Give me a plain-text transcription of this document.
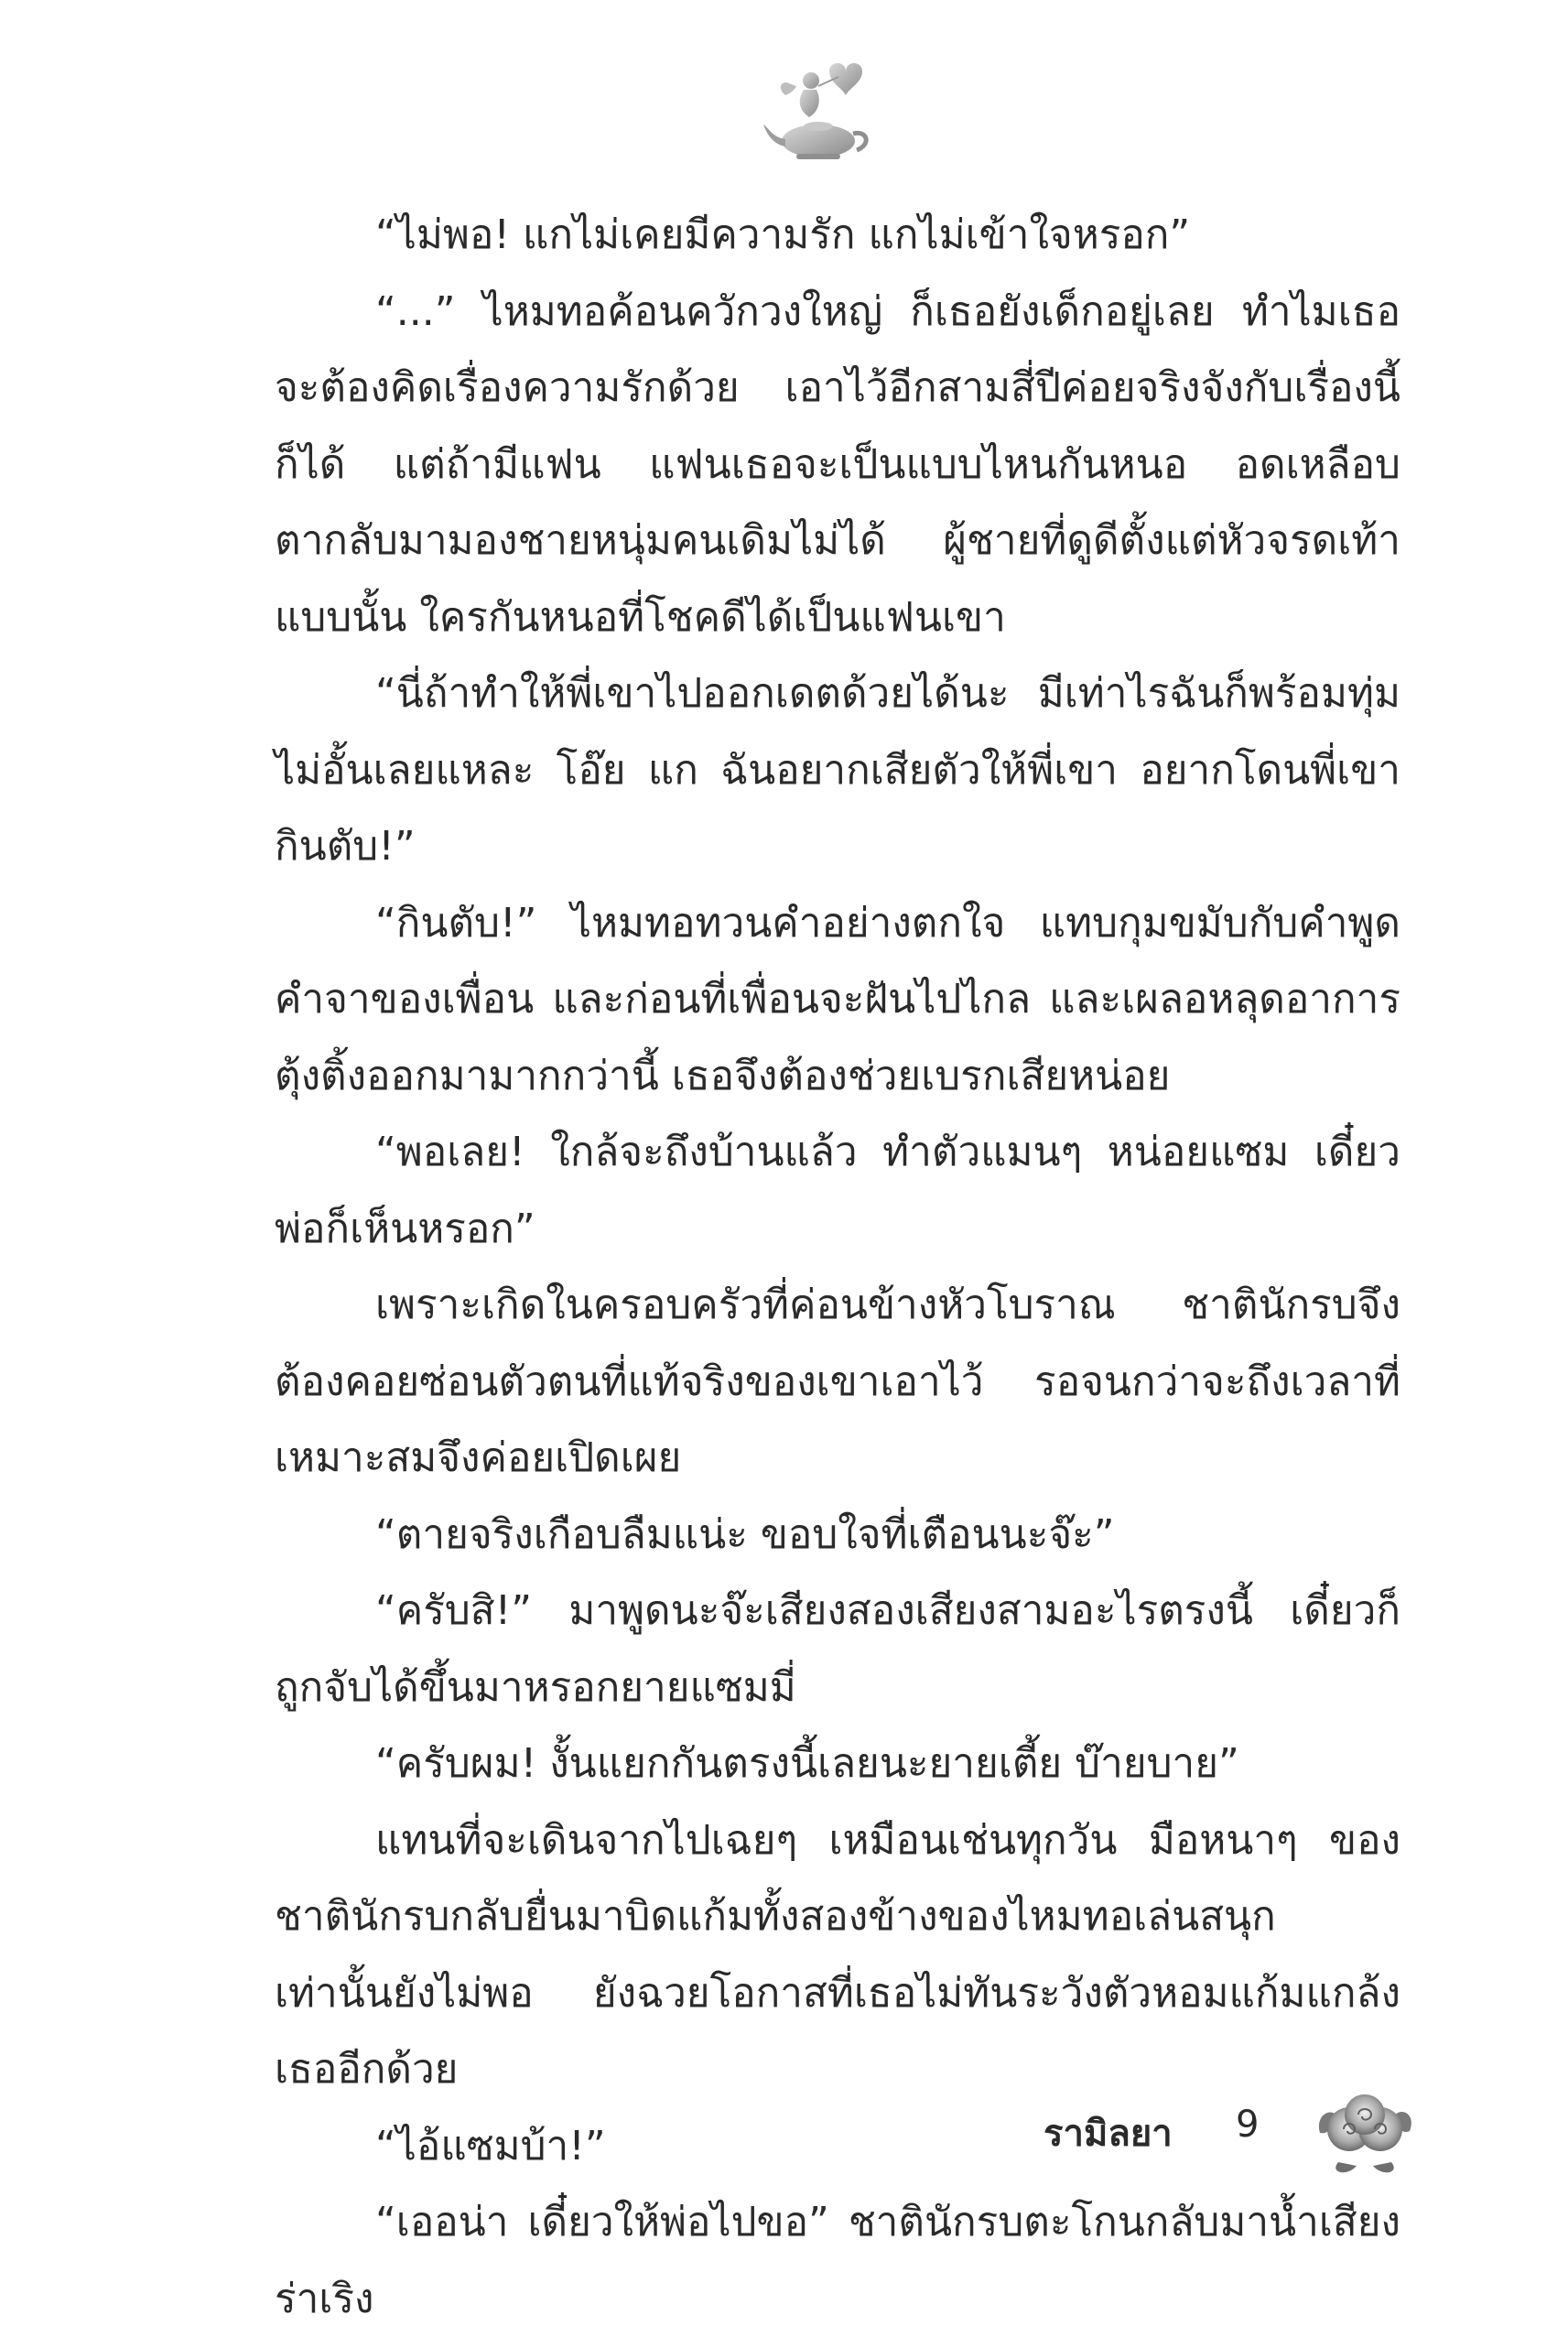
“ไม่พอ! แกไม่เคยมีความรัก แกไม่เข้าใจหรอก”

“...” ไหมทอค้อนควักวงใหญ่ ก็เธอยังเด็กอยู่เลย ทำไมเธอจะต้องคิดเรื่องความรักด้วย เอาไว้อีกสามสี่ปีค่อยจริงจังกับเรื่องนี้ก็ได้ แต่ถ้ามีแฟน แฟนเธอจะเป็นแบบไหนกันหนอ อดเหลือบตากลับมามองชายหนุ่มคนเดิมไม่ได้ ผู้ชายที่ดูดีตั้งแต่หัวจรดเท้าแบบนั้น ใครกันหนอที่โชคดีได้เป็นแฟนเขา

“นี่ถ้าทำให้พี่เขาไปออกเดตด้วยได้นะ มีเท่าไรฉันก็พร้อมทุ่มไม่อั้นเลยแหละ โอ๊ย แก ฉันอยากเสียตัวให้พี่เขา อยากโดนพี่เขากินตับ!”

“กินตับ!” ไหมทอทวนคำอย่างตกใจ แทบกุมขมับกับคำพูดคำจาของเพื่อน และก่อนที่เพื่อนจะฝันไปไกล และเผลอหลุดอาการตุ้งติ้งออกมามากกว่านี้ เธอจึงต้องช่วยเบรกเสียหน่อย

“พอเลย! ใกล้จะถึงบ้านแล้ว ทำตัวแมนๆ หน่อยแซม เดี๋ยวพ่อก็เห็นหรอก”

เพราะเกิดในครอบครัวที่ค่อนข้างหัวโบราณ ชาตินักรบจึงต้องคอยซ่อนตัวตนที่แท้จริงของเขาเอาไว้ รอจนกว่าจะถึงเวลาที่เหมาะสมจึงค่อยเปิดเผย

“ตายจริงเกือบลืมแน่ะ ขอบใจที่เตือนนะจ๊ะ”

“ครับสิ!” มาพูดนะจ๊ะเสียงสองเสียงสามอะไรตรงนี้ เดี๋ยวก็ถูกจับได้ขึ้นมาหรอกยายแซมมี่

“ครับผม! งั้นแยกกันตรงนี้เลยนะยายเตี้ย บ๊ายบาย”

แทนที่จะเดินจากไปเฉยๆ เหมือนเช่นทุกวัน มือหนาๆ ของชาตินักรบกลับยื่นมาบิดแก้มทั้งสองข้างของไหมทอเล่นสนุก เท่านั้นยังไม่พอ ยังฉวยโอกาสที่เธอไม่ทันระวังตัวหอมแก้มแกล้งเธออีกด้วย

“ไอ้แซมบ้า!”

“เออน่า เดี๋ยวให้พ่อไปขอ” ชาตินักรบตะโกนกลับมาน้ำเสียงร่าเริง

รามิลยา 9
